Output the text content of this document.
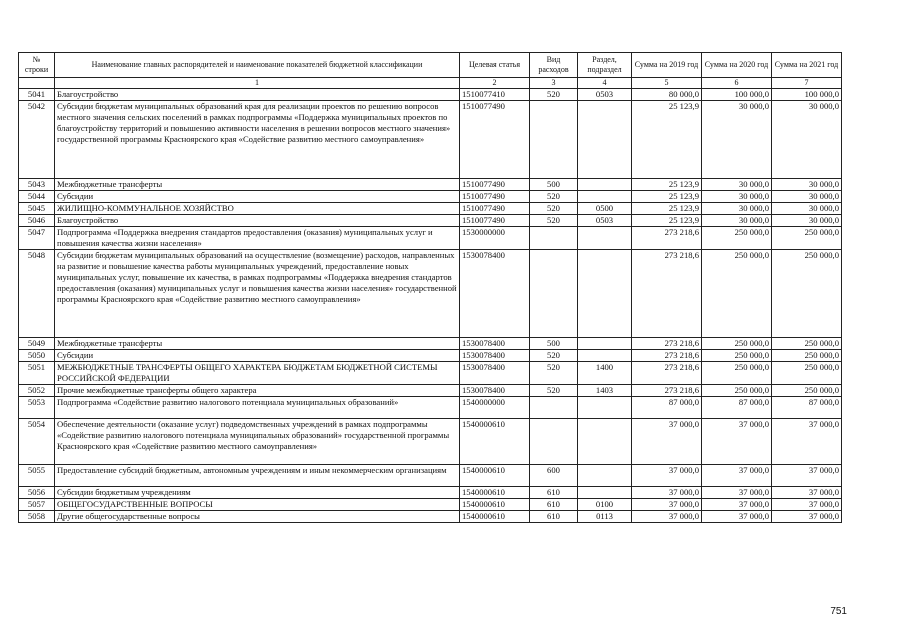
№ строки	Наименование главных распорядителей и наименование показателей бюджетной классификации	Целевая статья	Вид расходов	Раздел, подраздел	Сумма на 2019 год	Сумма на 2020 год	Сумма на 2021 год
	1	2	3	4	5	6	7
5041	Благоустройство	1510077410	520	0503	80 000,0	100 000,0	100 000,0
5042	Субсидии бюджетам муниципальных образований края для реализации проектов по решению вопросов местного значения сельских поселений в рамках подпрограммы «Поддержка муниципальных проектов по благоустройству территорий и повышению активности населения в решении вопросов местного значения» государственной программы Красноярского края «Содействие развитию местного самоуправления»	1510077490			25 123,9	30 000,0	30 000,0
5043	Межбюджетные трансферты	1510077490	500		25 123,9	30 000,0	30 000,0
5044	Субсидии	1510077490	520		25 123,9	30 000,0	30 000,0
5045	ЖИЛИЩНО-КОММУНАЛЬНОЕ ХОЗЯЙСТВО	1510077490	520	0500	25 123,9	30 000,0	30 000,0
5046	Благоустройство	1510077490	520	0503	25 123,9	30 000,0	30 000,0
5047	Подпрограмма «Поддержка внедрения стандартов предоставления (оказания) муниципальных услуг и повышения качества жизни населения»	1530000000			273 218,6	250 000,0	250 000,0
5048	Субсидии бюджетам муниципальных образований на осуществление (возмещение) расходов, направленных на развитие и повышение качества работы муниципальных учреждений, предоставление новых муниципальных услуг, повышение их качества, в рамках подпрограммы «Поддержка внедрения стандартов предоставления (оказания) муниципальных услуг и повышения качества жизни населения» государственной программы Красноярского края «Содействие развитию местного самоуправления»	1530078400			273 218,6	250 000,0	250 000,0
5049	Межбюджетные трансферты	1530078400	500		273 218,6	250 000,0	250 000,0
5050	Субсидии	1530078400	520		273 218,6	250 000,0	250 000,0
5051	МЕЖБЮДЖЕТНЫЕ ТРАНСФЕРТЫ ОБЩЕГО ХАРАКТЕРА БЮДЖЕТАМ БЮДЖЕТНОЙ СИСТЕМЫ РОССИЙСКОЙ ФЕДЕРАЦИИ	1530078400	520	1400	273 218,6	250 000,0	250 000,0
5052	Прочие межбюджетные трансферты общего характера	1530078400	520	1403	273 218,6	250 000,0	250 000,0
5053	Подпрограмма «Содействие развитию налогового потенциала муниципальных образований»	1540000000			87 000,0	87 000,0	87 000,0
5054	Обеспечение деятельности (оказание услуг) подведомственных учреждений в рамках подпрограммы «Содействие развитию налогового потенциала муниципальных образований» государственной программы Красноярского края «Содействие развитию местного самоуправления»	1540000610			37 000,0	37 000,0	37 000,0
5055	Предоставление субсидий бюджетным, автономным учреждениям и иным некоммерческим организациям	1540000610	600		37 000,0	37 000,0	37 000,0
5056	Субсидии бюджетным учреждениям	1540000610	610		37 000,0	37 000,0	37 000,0
5057	ОБЩЕГОСУДАРСТВЕННЫЕ ВОПРОСЫ	1540000610	610	0100	37 000,0	37 000,0	37 000,0
5058	Другие общегосударственные вопросы	1540000610	610	0113	37 000,0	37 000,0	37 000,0
751
